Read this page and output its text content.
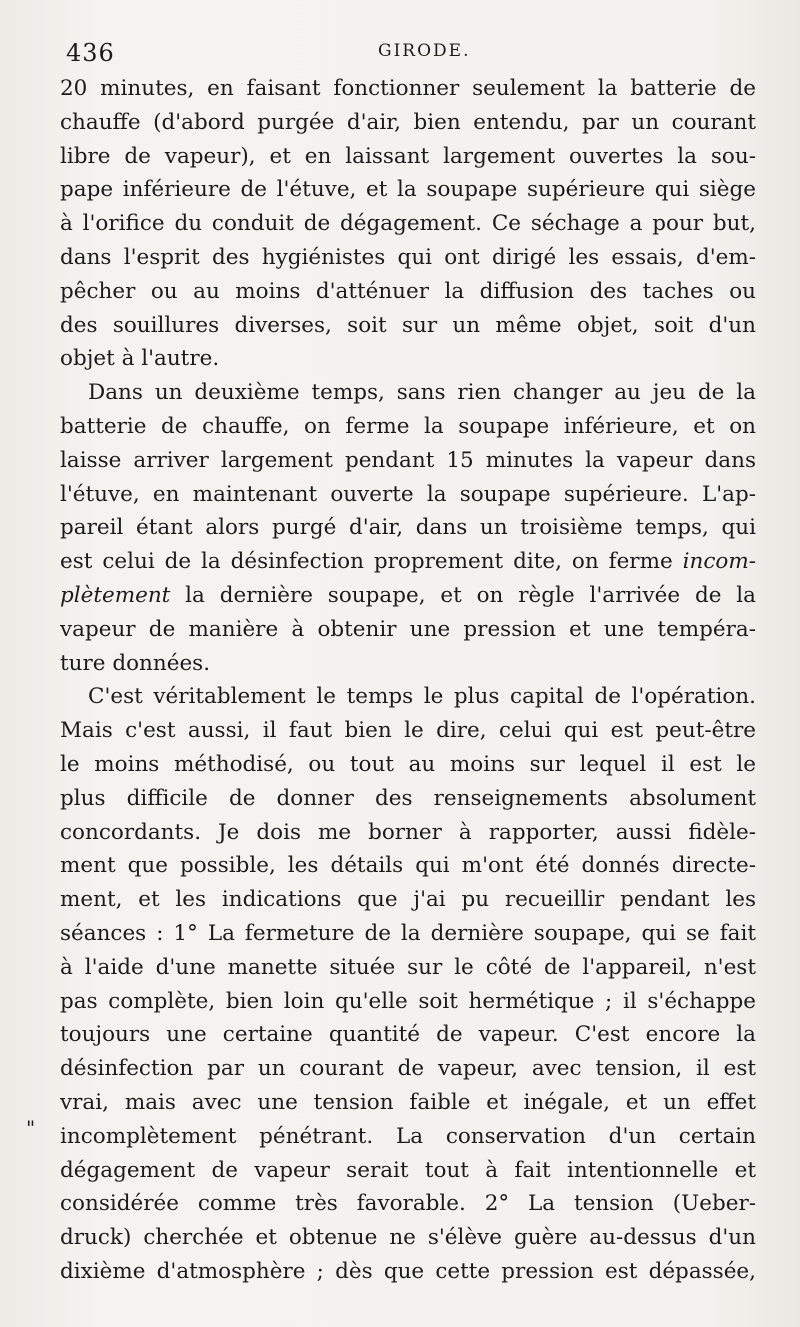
436	GIRODE.
"
20 minutes, en faisant fonctionner seulement la batterie de
chauffe (d'abord purgée d'air, bien entendu, par un courant
libre de vapeur), et en laissant largement ouvertes la sou-
pape inférieure de l'étuve, et la soupape supérieure qui siège
à l'orifice du conduit de dégagement. Ce séchage a pour but,
dans l'esprit des hygiénistes qui ont dirigé les essais, d'em-
pêcher ou au moins d'atténuer la diffusion des taches ou
des souillures diverses, soit sur un même objet, soit d'un
objet à l'autre.
Dans un deuxième temps, sans rien changer au jeu de la
batterie de chauffe, on ferme la soupape inférieure, et on
laisse arriver largement pendant 15 minutes la vapeur dans
l'étuve, en maintenant ouverte la soupape supérieure. L'ap-
pareil étant alors purgé d'air, dans un troisième temps, qui
est celui de la désinfection proprement dite, on ferme incom-
plètement la dernière soupape, et on règle l'arrivée de la
vapeur de manière à obtenir une pression et une tempéra-
ture données.
C'est véritablement le temps le plus capital de l'opération.
Mais c'est aussi, il faut bien le dire, celui qui est peut-être
le moins méthodisé, ou tout au moins sur lequel il est le
plus difficile de donner des renseignements absolument
concordants. Je dois me borner à rapporter, aussi fidèle-
ment que possible, les détails qui m'ont été donnés directe-
ment, et les indications que j'ai pu recueillir pendant les
séances : 1° La fermeture de la dernière soupape, qui se fait
à l'aide d'une manette située sur le côté de l'appareil, n'est
pas complète, bien loin qu'elle soit hermétique ; il s'échappe
toujours une certaine quantité de vapeur. C'est encore la
désinfection par un courant de vapeur, avec tension, il est
vrai, mais avec une tension faible et inégale, et un effet
incomplètement pénétrant. La conservation d'un certain
dégagement de vapeur serait tout à fait intentionnelle et
considérée comme très favorable. 2° La tension (Ueber-
druck) cherchée et obtenue ne s'élève guère au-dessus d'un
dixième d'atmosphère ; dès que cette pression est dépassée,
